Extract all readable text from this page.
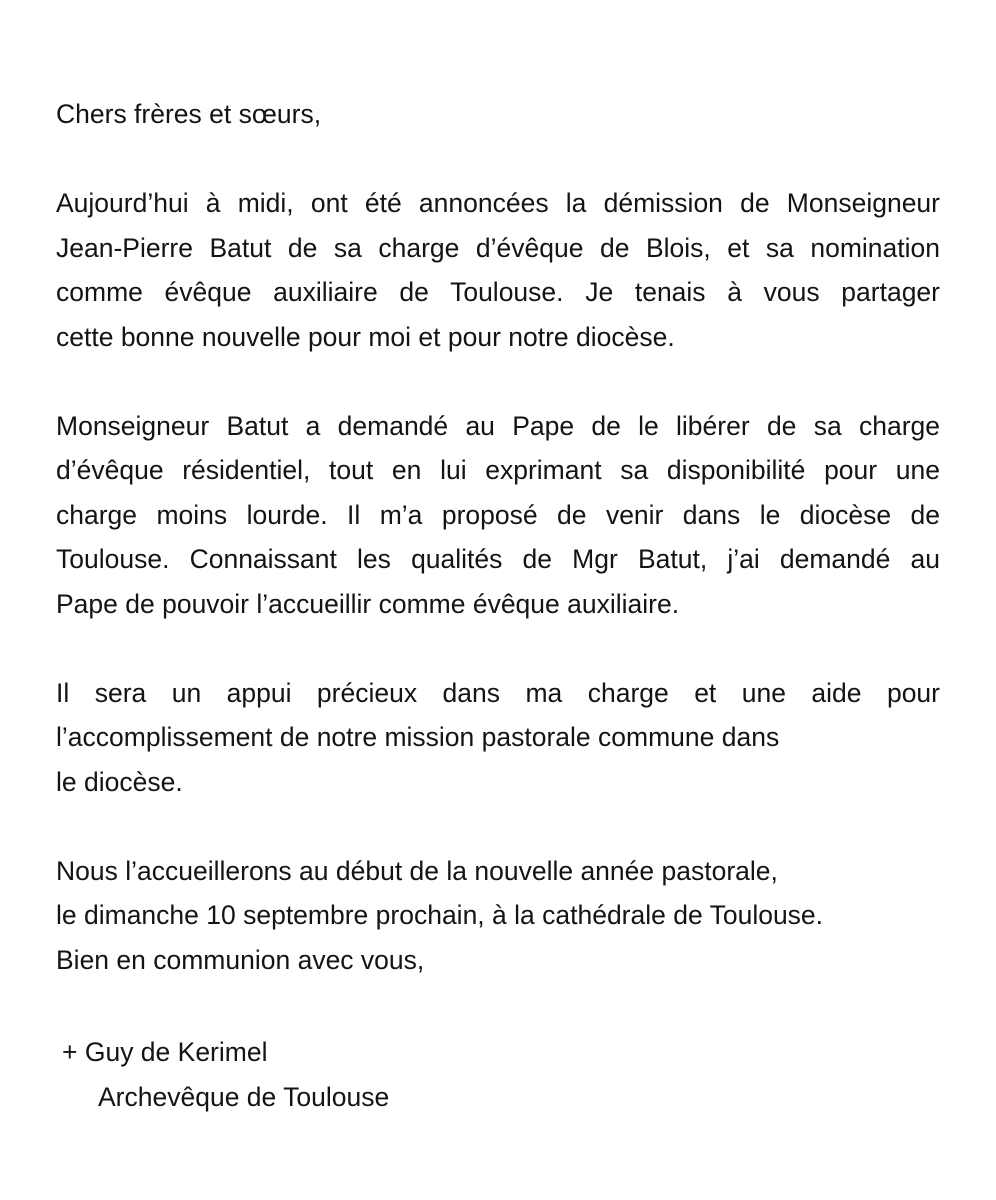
Chers frères et sœurs,

Aujourd’hui à midi, ont été annoncées la démission de Monseigneur
Jean-Pierre Batut de sa charge d’évêque de Blois, et sa nomination
comme évêque auxiliaire de Toulouse. Je tenais à vous partager
cette bonne nouvelle pour moi et pour notre diocèse.
Monseigneur Batut a demandé au Pape de le libérer de sa charge
d’évêque résidentiel, tout en lui exprimant sa disponibilité pour une
charge moins lourde. Il m’a proposé de venir dans le diocèse de
Toulouse. Connaissant les qualités de Mgr Batut, j’ai demandé au
Pape de pouvoir l’accueillir comme évêque auxiliaire.
Il sera un appui précieux dans ma charge et une aide pour
l’accomplissement de notre mission pastorale commune dans
le diocèse.
Nous l’accueillerons au début de la nouvelle année pastorale,
le dimanche 10 septembre prochain, à la cathédrale de Toulouse.
Bien en communion avec vous,
+ Guy de Kerimel
Archevêque de Toulouse
